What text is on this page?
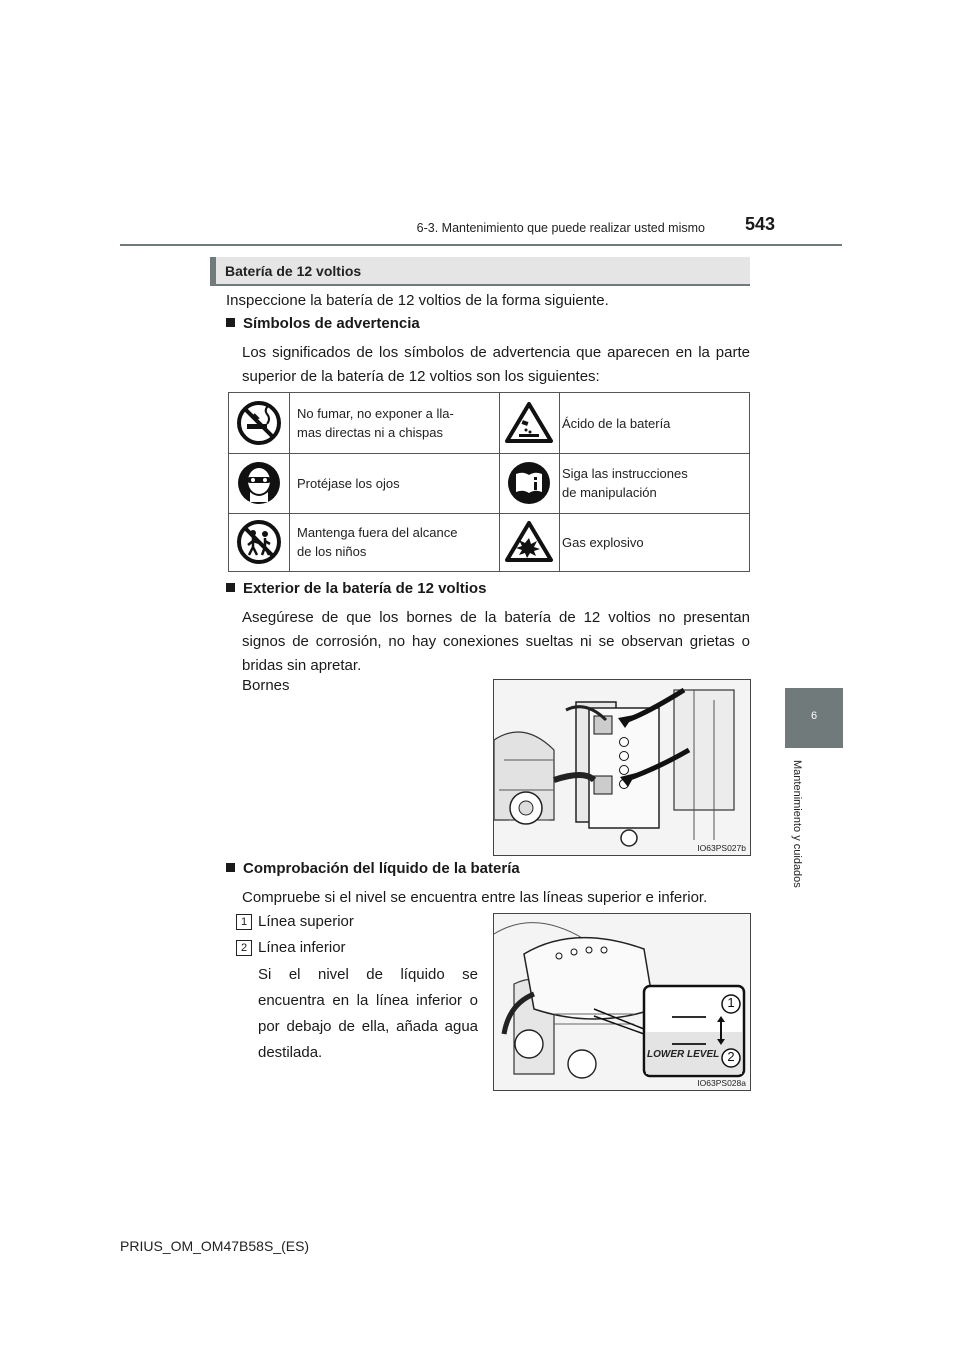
6-3. Mantenimiento que puede realizar usted mismo	543
6
Mantenimiento y cuidados
Batería de 12 voltios
Inspeccione la batería de 12 voltios de la forma siguiente.
Símbolos de advertencia
Los significados de los símbolos de advertencia que aparecen en la parte superior de la batería de 12 voltios son los siguientes:
No fumar, no exponer a lla-
mas directas ni a chispas
Ácido de la batería
Protéjase los ojos
Siga las instrucciones
de manipulación
Mantenga fuera del alcance
de los niños
Gas explosivo
Exterior de la batería de 12 voltios
Asegúrese de que los bornes de la batería de 12 voltios no presentan signos de corrosión, no hay conexiones sueltas ni se observan grietas o bridas sin apretar.
Bornes
IO63PS027b
Comprobación del líquido de la batería
Compruebe si el nivel se encuentra entre las líneas superior e inferior.
1 Línea superior
2 Línea inferior
Si el nivel de líquido se encuentra en la línea inferior o por debajo de ella, añada agua destilada.	LOWER LEVEL
1
2
IO63PS028a
PRIUS_OM_OM47B58S_(ES)
